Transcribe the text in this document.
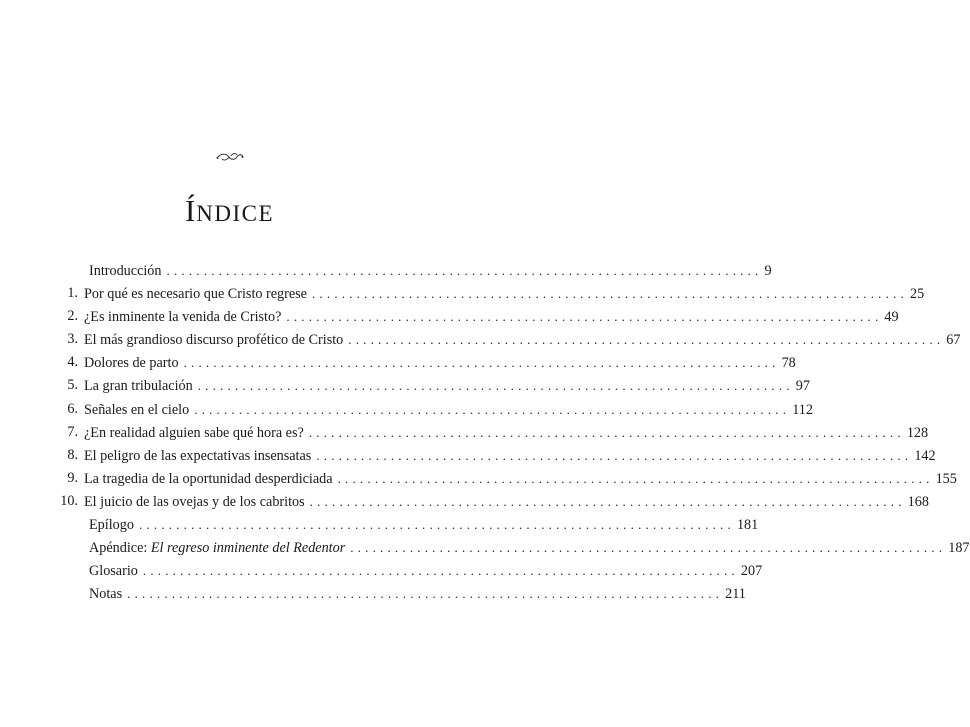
ÍNDICE
Introducción ................................................................................ 9
1. Por qué es necesario que Cristo regrese ................................................................................ 25
2. ¿Es inminente la venida de Cristo? ................................................................................ 49
3. El más grandioso discurso profético de Cristo ................................................................................ 67
4. Dolores de parto ................................................................................ 78
5. La gran tribulación ................................................................................ 97
6. Señales en el cielo ................................................................................ 112
7. ¿En realidad alguien sabe qué hora es? ................................................................................ 128
8. El peligro de las expectativas insensatas ................................................................................ 142
9. La tragedia de la oportunidad desperdiciada ................................................................................ 155
10. El juicio de las ovejas y de los cabritos ................................................................................ 168
Epílogo ................................................................................ 181
Apéndice: El regreso inminente del Redentor ................................................................................ 187
Glosario ................................................................................ 207
Notas ................................................................................ 211
